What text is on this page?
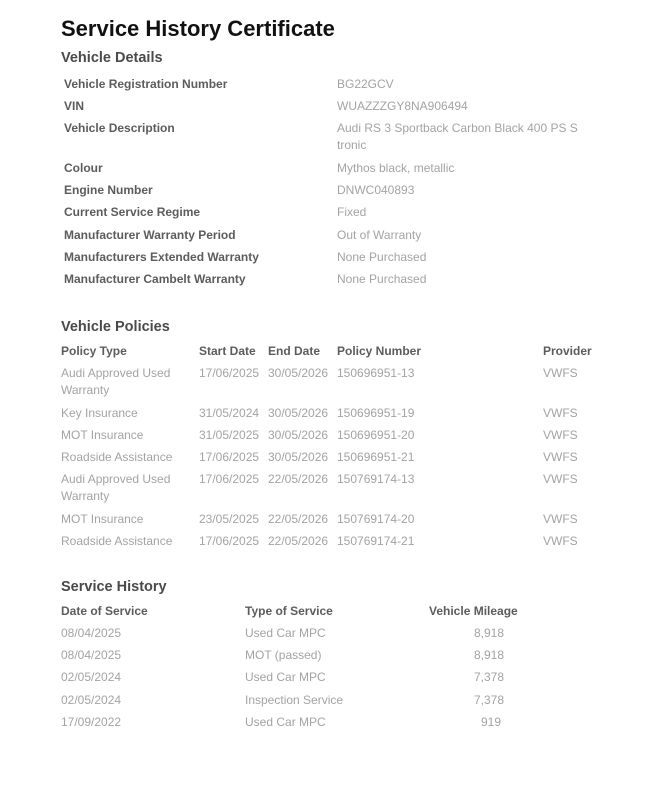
Service History Certificate
Vehicle Details
Vehicle Registration Number	BG22GCV
VIN	WUAZZZGY8NA906494
Vehicle Description	Audi RS 3 Sportback Carbon Black 400 PS S tronic
Colour	Mythos black, metallic
Engine Number	DNWC040893
Current Service Regime	Fixed
Manufacturer Warranty Period	Out of Warranty
Manufacturers Extended Warranty	None Purchased
Manufacturer Cambelt Warranty	None Purchased
Vehicle Policies
Policy Type	Start Date End Date Policy Number	Provider
Audi Approved Used Warranty
17/06/2025 30/05/2026 150696951-13	VWFS
Key Insurance	31/05/2024 30/05/2026 150696951-19	VWFS
MOT Insurance	31/05/2025 30/05/2026 150696951-20	VWFS
Roadside Assistance 17/06/2025 30/05/2026 150696951-21	VWFS
Audi Approved Used Warranty
17/06/2025 22/05/2026 150769174-13	VWFS
MOT Insurance	23/05/2025 22/05/2026 150769174-20	VWFS
Roadside Assistance 17/06/2025 22/05/2026 150769174-21	VWFS
Service History
Date of Service	Type of Service	Vehicle Mileage
08/04/2025	Used Car MPC	8,918
08/04/2025	MOT (passed)	8,918
02/05/2024	Used Car MPC	7,378
02/05/2024	Inspection Service	7,378
17/09/2022	Used Car MPC	919
